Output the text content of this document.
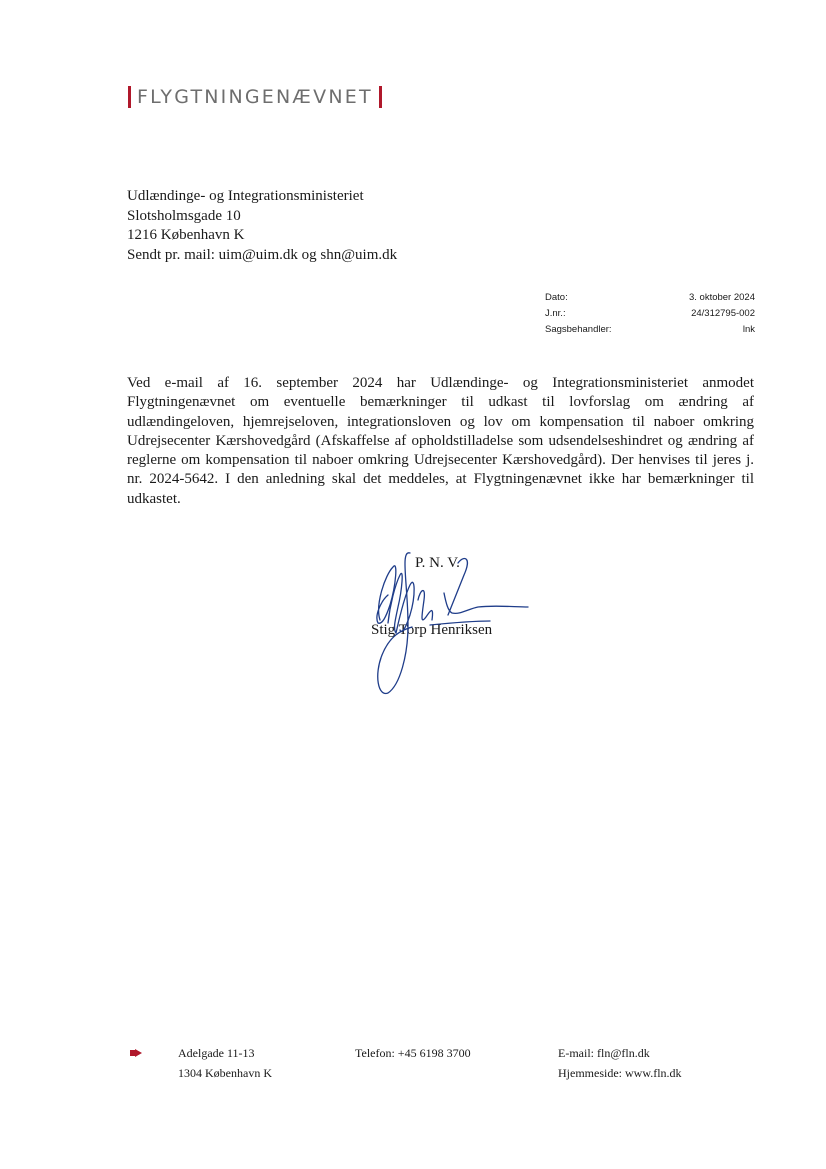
FLYGTNINGENÆVNET
Udlændinge- og Integrationsministeriet
Slotsholmsgade 10
1216 København K
Sendt pr. mail: uim@uim.dk og shn@uim.dk
Dato:	3. oktober 2024
J.nr.:	24/312795-002
Sagsbehandler:	lnk
Ved e-mail af 16. september 2024 har Udlændinge- og Integrationsministeriet anmodet Flygtningenævnet om eventuelle bemærkninger til udkast til lovforslag om ændring af udlændingeloven, hjemrejseloven, integrationsloven og lov om kompensation til naboer omkring Udrejsecenter Kærshovedgård (Afskaffelse af opholdstilladelse som udsendelseshindret og ændring af reglerne om kompensation til naboer omkring Udrejsecenter Kærshovedgård). Der henvises til jeres j. nr. 2024-5642. I den anledning skal det meddeles, at Flygtningenævnet ikke har bemærkninger til udkastet.
P. N. V.
Stig Torp Henriksen
Adelgade 11-13
1304 København K
Telefon: +45 6198 3700	E-mail: fln@fln.dk
Hjemmeside: www.fln.dk
